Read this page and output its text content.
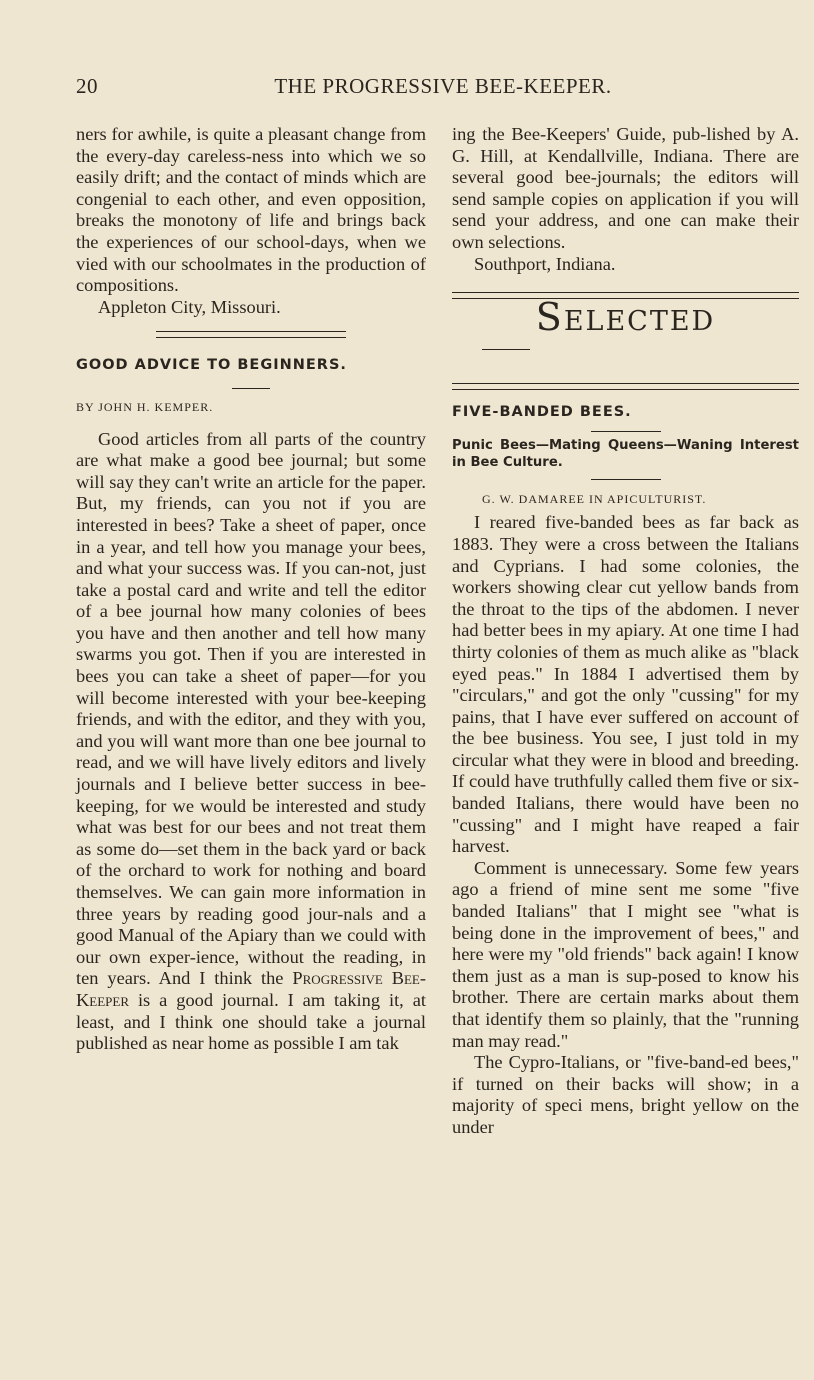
20	THE PROGRESSIVE BEE-KEEPER.

ners for awhile, is quite a pleasant change from the every-day careless-ness into which we so easily drift; and the contact of minds which are congenial to each other, and even opposition, breaks the monotony of life and brings back the experiences of our school-days, when we vied with our schoolmates in the production of compositions.

Appleton City, Missouri.

GOOD ADVICE TO BEGINNERS.

BY JOHN H. KEMPER.

Good articles from all parts of the country are what make a good bee journal; but some will say they can't write an article for the paper. But, my friends, can you not if you are interested in bees? Take a sheet of paper, once in a year, and tell how you manage your bees, and what your success was. If you can-not, just take a postal card and write and tell the editor of a bee journal how many colonies of bees you have and then another and tell how many swarms you got. Then if you are interested in bees you can take a sheet of paper—for you will become interested with your bee-keeping friends, and with the editor, and they with you, and you will want more than one bee journal to read, and we will have lively editors and lively journals and I believe better success in bee-keeping, for we would be interested and study what was best for our bees and not treat them as some do—set them in the back yard or back of the orchard to work for nothing and board themselves. We can gain more information in three years by reading good jour-nals and a good Manual of the Apiary than we could with our own exper-ience, without the reading, in ten years. And I think the Progressive Bee-Keeper is a good journal. I am taking it, at least, and I think one should take a journal published as near home as possible I am tak

ing the Bee-Keepers' Guide, pub-lished by A. G. Hill, at Kendallville, Indiana. There are several good bee-journals; the editors will send sample copies on application if you will send your address, and one can make their own selections.

Southport, Indiana.

Selected

FIVE-BANDED BEES.

Punic Bees—Mating Queens—Waning Interest in Bee Culture.

G. W. DAMAREE IN APICULTURIST.

I reared five-banded bees as far back as 1883. They were a cross between the Italians and Cyprians. I had some colonies, the workers showing clear cut yellow bands from the throat to the tips of the abdomen. I never had better bees in my apiary. At one time I had thirty colonies of them as much alike as "black eyed peas." In 1884 I advertised them by "circulars," and got the only "cussing" for my pains, that I have ever suffered on account of the bee business. You see, I just told in my circular what they were in blood and breeding. If could have truthfully called them five or six-banded Italians, there would have been no "cussing" and I might have reaped a fair harvest.

Comment is unnecessary. Some few years ago a friend of mine sent me some "five banded Italians" that I might see "what is being done in the improvement of bees," and here were my "old friends" back again! I know them just as a man is sup-posed to know his brother. There are certain marks about them that identify them so plainly, that the "running man may read."

The Cypro-Italians, or "five-band-ed bees," if turned on their backs will show; in a majority of speci mens, bright yellow on the under
